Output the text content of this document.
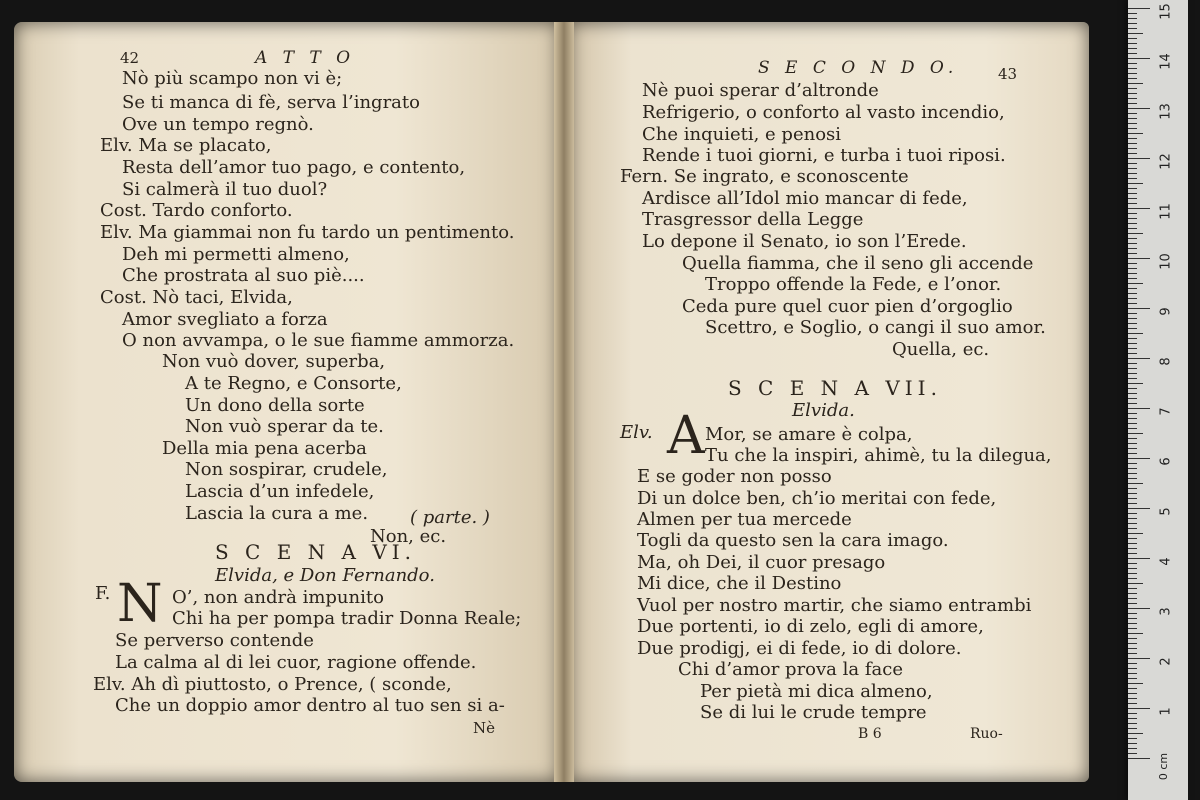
42	A T T O
Nò più scampo non vi è;
Se ti manca di fè, serva l’ingrato
Ove un tempo regnò.
Elv. Ma se placato,
Resta dell’amor tuo pago, e contento,
Si calmerà il tuo duol?
Cost. Tardo conforto.
Elv. Ma giammai non fu tardo un pentimento.
Deh mi permetti almeno,
Che prostrata al suo piè....
Cost. Nò taci, Elvida,
Amor svegliato a forza
O non avvampa, o le sue fiamme ammorza.
Non vuò dover, superba,
A te Regno, e Consorte,
Un dono della sorte
Non vuò sperar da te.
Della mia pena acerba
Non sospirar, crudele,
Lascia d’un infedele,
Lascia la cura a me. ( parte. )
Non, ec.
S C E N A VI.
Elvida, e Don Fernando.
F. N O’, non andrà impunito
Chi ha per pompa tradir Donna Reale;
Se perverso contende
La calma al di lei cuor, ragione offende.
Elv. Ah dì piuttosto, o Prence, ( sconde,
Che un doppio amor dentro al tuo sen si a-
Nè
S E C O N D O.	43
Nè puoi sperar d’altronde
Refrigerio, o conforto al vasto incendio,
Che inquieti, e penosi
Rende i tuoi giorni, e turba i tuoi riposi.
Fern. Se ingrato, e sconoscente
Ardisce all’Idol mio mancar di fede,
Trasgressor della Legge
Lo depone il Senato, io son l’Erede.
Quella fiamma, che il seno gli accende
Troppo offende la Fede, e l’onor.
Ceda pure quel cuor pien d’orgoglio
Scettro, e Soglio, o cangi il suo amor.
Quella, ec.
S C E N A VII.
Elvida.
Elv. A Mor, se amare è colpa,
Tu che la inspiri, ahimè, tu la dilegua,
E se goder non posso
Di un dolce ben, ch’io meritai con fede,
Almen per tua mercede
Togli da questo sen la cara imago.
Ma, oh Dei, il cuor presago
Mi dice, che il Destino
Vuol per nostro martir, che siamo entrambi
Due portenti, io di zelo, egli di amore,
Due prodigj, ei di fede, io di dolore.
Chi d’amor prova la face
Per pietà mi dica almeno,
Se di lui le crude tempre
B 6	Ruo-
0 cm
15
14
13
12
11
10
9
8
7
6
5
4
3
2
1
